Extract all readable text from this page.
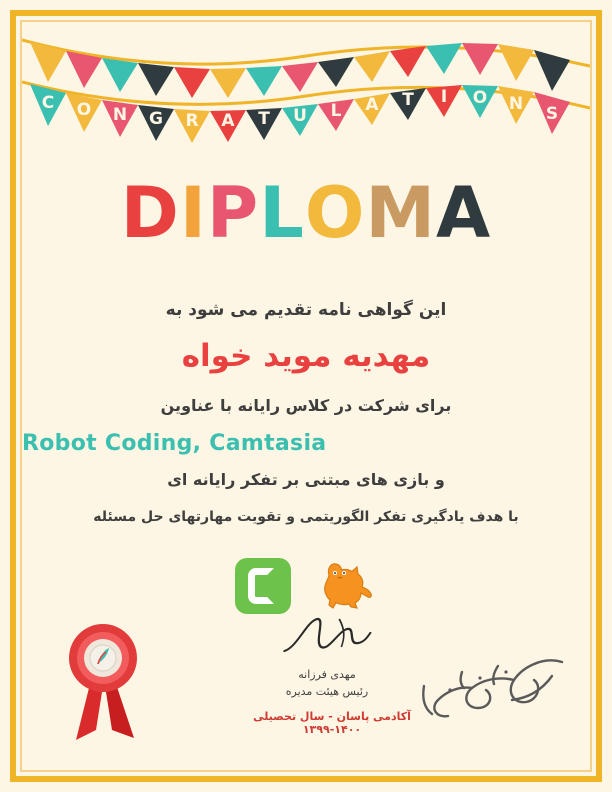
C O N G R A T U L A T I O N S
DIPLOMA
این گواهی نامه تقدیم می شود به
مهدیه موید خواه
برای شرکت در کلاس رایانه با عناوین
Robot Coding, Camtasia
و بازی های مبتنی بر تفکر رایانه ای
با هدف یادگیری تفکر الگوریتمی و تقویت مهارتهای حل مسئله
مهدی فرزانه
رئیس هیئت مدیره
آکادمی پاسان - سال تحصیلی ۱۴۰۰-۱۳۹۹
